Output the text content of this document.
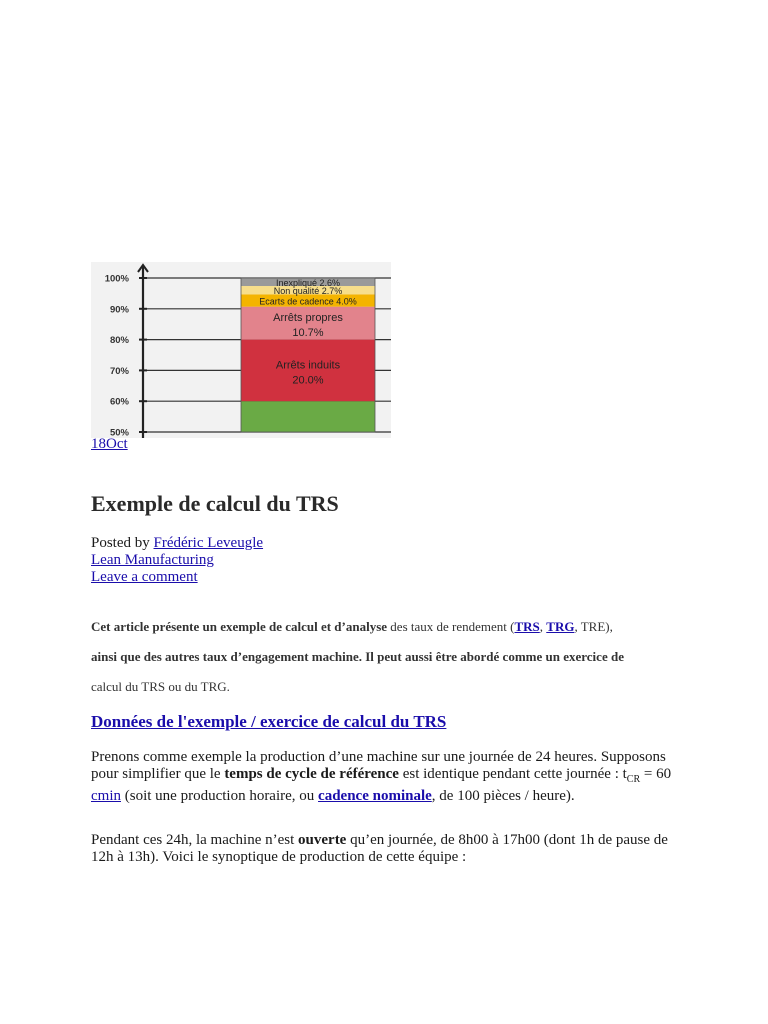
100%
90%
80%
70%
60%
50%
Arrêts induits
20.0%
Arrêts propres
10.7%
Ecarts de cadence 4.0%
Non qualité 2.7%
Inexpliqué 2.6%
18Oct
Exemple de calcul du TRS
Posted by Frédéric Leveugle
Lean Manufacturing
Leave a comment
Cet article présente un exemple de calcul et d’analyse des taux de rendement (TRS, TRG, TRE),
ainsi que des autres taux d’engagement machine. Il peut aussi être abordé comme un exercice de
calcul du TRS ou du TRG.
Données de l'exemple / exercice de calcul du TRS

Prenons comme exemple la production d’une machine sur une journée de 24 heures. Supposons pour simplifier que le temps de cycle de référence est identique pendant cette journée : $t_{CR} = 60$ cmin (soit une production horaire, ou cadence nominale, de 100 pièces / heure).

Pendant ces 24h, la machine n’est ouverte qu’en journée, de 8h00 à 17h00 (dont 1h de pause de 12h à 13h). Voici le synoptique de production de cette équipe :
